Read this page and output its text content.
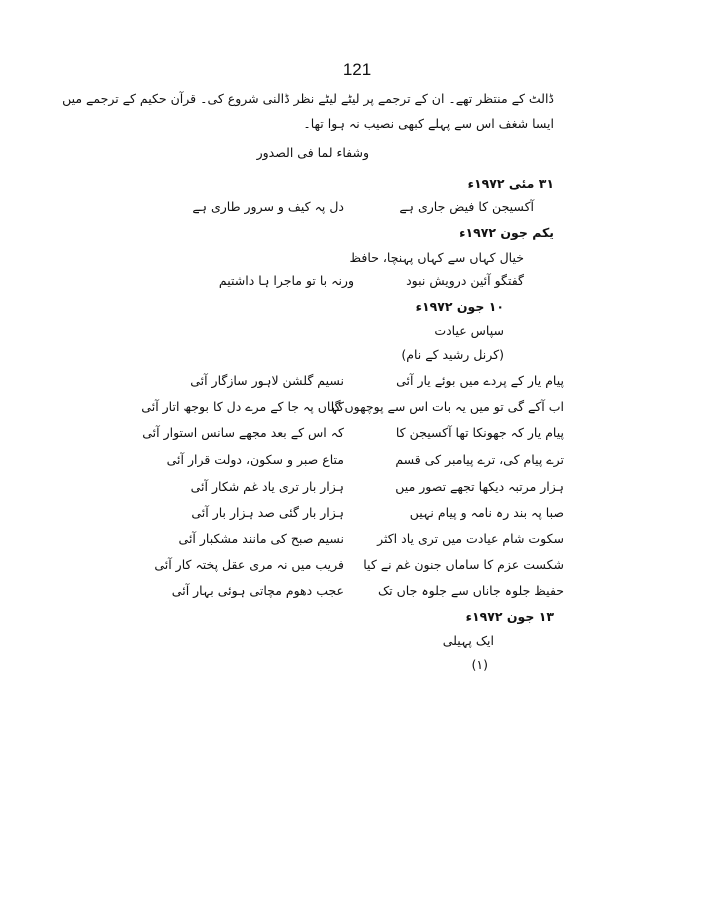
121
ڈالٹ کے منتظر تھے۔ ان کے ترجمے پر لیٹے لیٹے نظر ڈالنی شروع کی۔ قرآن حکیم کے ترجمے میں
ایسا شغف اس سے پہلے کبھی نصیب نہ ہوا تھا۔
وشفاء لما فی الصدور
۳۱ مئی ۱۹۷۲ء
آکسیجن کا فیض جاری ہے
دل پہ کیف و سرور طاری ہے
یکم جون ۱۹۷۲ء
خیال کہاں سے کہاں پہنچا، حافظ
گفتگو آئین درویش نبود
ورنہ با تو ماجرا ہا داشتیم
۱۰ جون ۱۹۷۲ء
سپاس عیادت
(کرنل رشید کے نام)
پیام یار کے پردے میں بوئے یار آئی
نسیم گلشن لاہور سازگار آئی
اب آکے گی تو میں یہ بات اس سے پوچھوں گا
کہاں پہ جا کے مرے دل کا بوجھ اتار آئی
پیام یار کہ جھونکا تھا آکسیجن کا
کہ اس کے بعد مجھے سانس استوار آئی
ترے پیام کی، ترے پیامبر کی قسم
متاع صبر و سکون، دولت قرار آئی
ہزار مرتبہ دیکھا تجھے تصور میں
ہزار بار تری یاد غم شکار آئی
صبا پہ بند رہ نامہ و پیام نہیں
ہزار بار گئی صد ہزار بار آئی
سکوت شام عیادت میں تری یاد اکثر
نسیم صبح کی مانند مشکبار آئی
شکست عزم کا ساماں جنون غم نے کیا
فریب میں نہ مری عقل پختہ کار آئی
حفیظ جلوہ جاناں سے جلوہ جاں تک
عجب دھوم مچاتی ہوئی بہار آئی
۱۳ جون ۱۹۷۲ء
ایک پہیلی
(۱)
